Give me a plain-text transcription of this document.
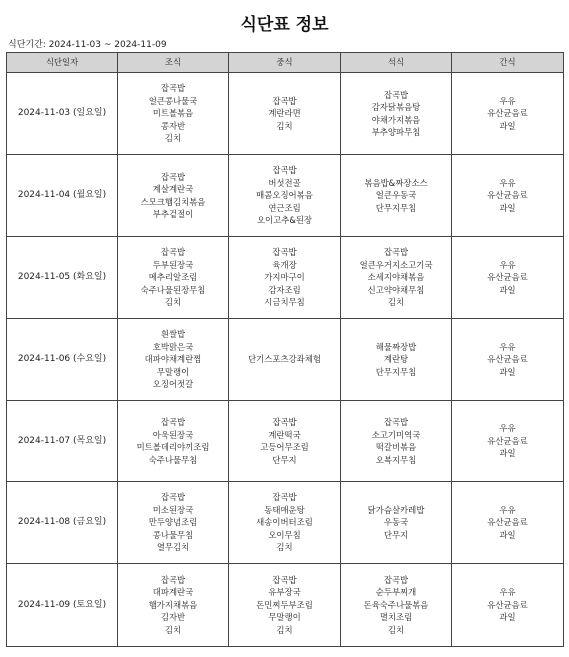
식단표 정보
식단기간: 2024-11-03 ~ 2024-11-09
식단일자	조식	중식	석식	간식
2024-11-03 (일요일)	잡곡밥
얼큰콩나물국
미트볼볶음
콩자반
김치	잡곡밥
계란라면
김치	잡곡밥
감자닭볶음탕
야채가지볶음
부추양파무침	우유
유산균음료
과일

2024-11-04 (월요일)	잡곡밥
계살계란국
스모크햄김치볶음
부추겉절이	잡곡밥
버섯전골
매콤오징어볶음
연근조림
오이고추&된장	볶음밥&짜장소스
얼큰우동국
단무지무침	우유
유산균음료
과일

2024-11-05 (화요일)	잡곡밥
두부된장국
메추리알조림
숙주나물된장무침
김치	잡곡밥
육개장
가지마구이
감자조림
시금치무침	잡곡밥
얼큰우거지소고기국
소세지야채볶음
신고약야채무침
김치	우유
유산균음료
과일

2024-11-06 (수요일)	흰쌀밥
호박맑은국
대파야채계란찜
무말랭이
오징어젓갈	단기스포츠강좌체험	해물짜장밥
계란탕
단무지무침	우유
유산균음료
과일

2024-11-07 (목요일)	잡곡밥
아욱된장국
미트볼데리야끼조림
숙주나물무침	잡곡밥
계란떡국
고등어무조림
단무지	잡곡밥
소고기미역국
떡갈비볶음
오복지무침	우유
유산균음료
과일

2024-11-08 (금요일)	잡곡밥
미소된장국
만두양념조림
콩나물무침
열무김치	잡곡밥
동태매운탕
새송이버터조림
오이무침
김치	닭가슴살카레밥
우동국
단무지	우유
유산균음료
과일

2024-11-09 (토요일)	잡곡밥
대파계란국
햄가지채볶음
김자반
김치	잡곡밥
유부장국
돈민찌두부조림
무말랭이
김치	잡곡밥
순두부찌개
돈육숙주나물볶음
멸치조림
김치	우유
유산균음료
과일
